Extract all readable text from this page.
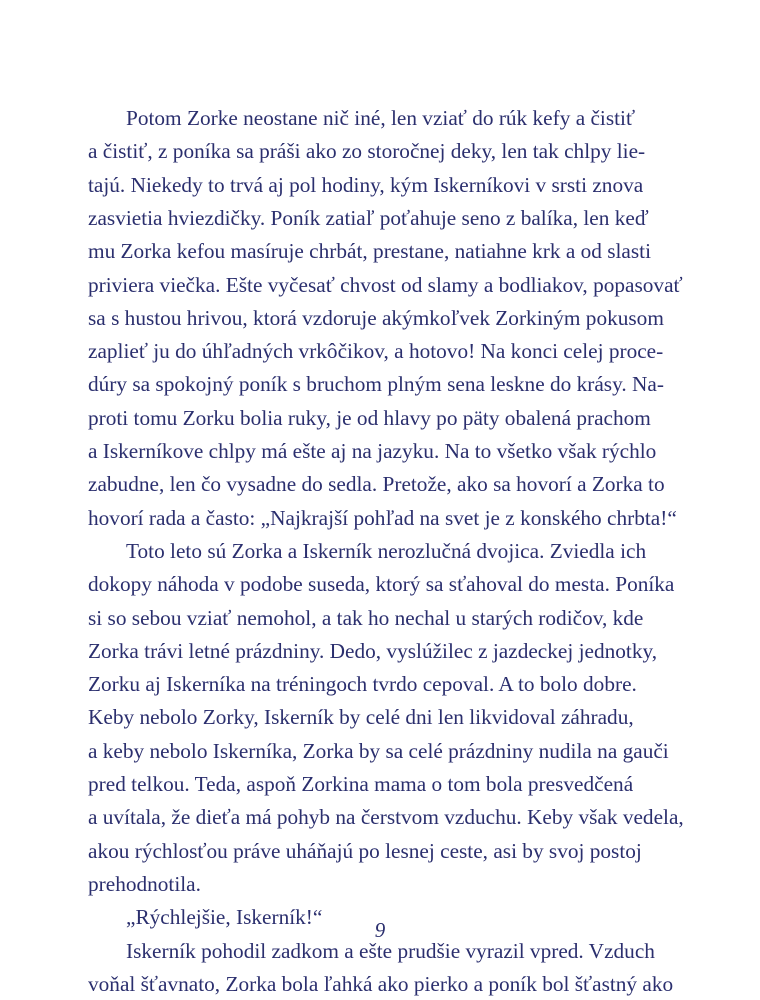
Potom Zorke neostane nič iné, len vziať do rúk kefy a čistiť
a čistiť, z poníka sa práši ako zo storočnej deky, len tak chlpy lie-
tajú. Niekedy to trvá aj pol hodiny, kým Iskerníkovi v srsti znova
zasvietia hviezdičky. Poník zatiaľ poťahuje seno z balíka, len keď
mu Zorka kefou masíruje chrbát, prestane, natiahne krk a od slasti
priviera viečka. Ešte vyčesať chvost od slamy a bodliakov, popasovať
sa s hustou hrivou, ktorá vzdoruje akýmkoľvek Zorkiným pokusom
zaplieť ju do úhľadných vrkôčikov, a hotovo! Na konci celej proce-
dúry sa spokojný poník s bruchom plným sena leskne do krásy. Na-
proti tomu Zorku bolia ruky, je od hlavy po päty obalená prachom
a Iskerníkove chlpy má ešte aj na jazyku. Na to všetko však rýchlo
zabudne, len čo vysadne do sedla. Pretože, ako sa hovorí a Zorka to
hovorí rada a často: „Najkrajší pohľad na svet je z konského chrbta!“
Toto leto sú Zorka a Iskerník nerozlučná dvojica. Zviedla ich
dokopy náhoda v podobe suseda, ktorý sa sťahoval do mesta. Poníka
si so sebou vziať nemohol, a tak ho nechal u starých rodičov, kde
Zorka trávi letné prázdniny. Dedo, vyslúžilec z jazdeckej jednotky,
Zorku aj Iskerníka na tréningoch tvrdo cepoval. A to bolo dobre.
Keby nebolo Zorky, Iskerník by celé dni len likvidoval záhradu,
a keby nebolo Iskerníka, Zorka by sa celé prázdniny nudila na gauči
pred telkou. Teda, aspoň Zorkina mama o tom bola presvedčená
a uvítala, že dieťa má pohyb na čerstvom vzduchu. Keby však vedela,
akou rýchlosťou práve uháňajú po lesnej ceste, asi by svoj postoj
prehodnotila.
„Rýchlejšie, Iskerník!“
Iskerník pohodil zadkom a ešte prudšie vyrazil vpred. Vzduch
voňal šťavnato, Zorka bola ľahká ako pierko a poník bol šťastný ako
9
